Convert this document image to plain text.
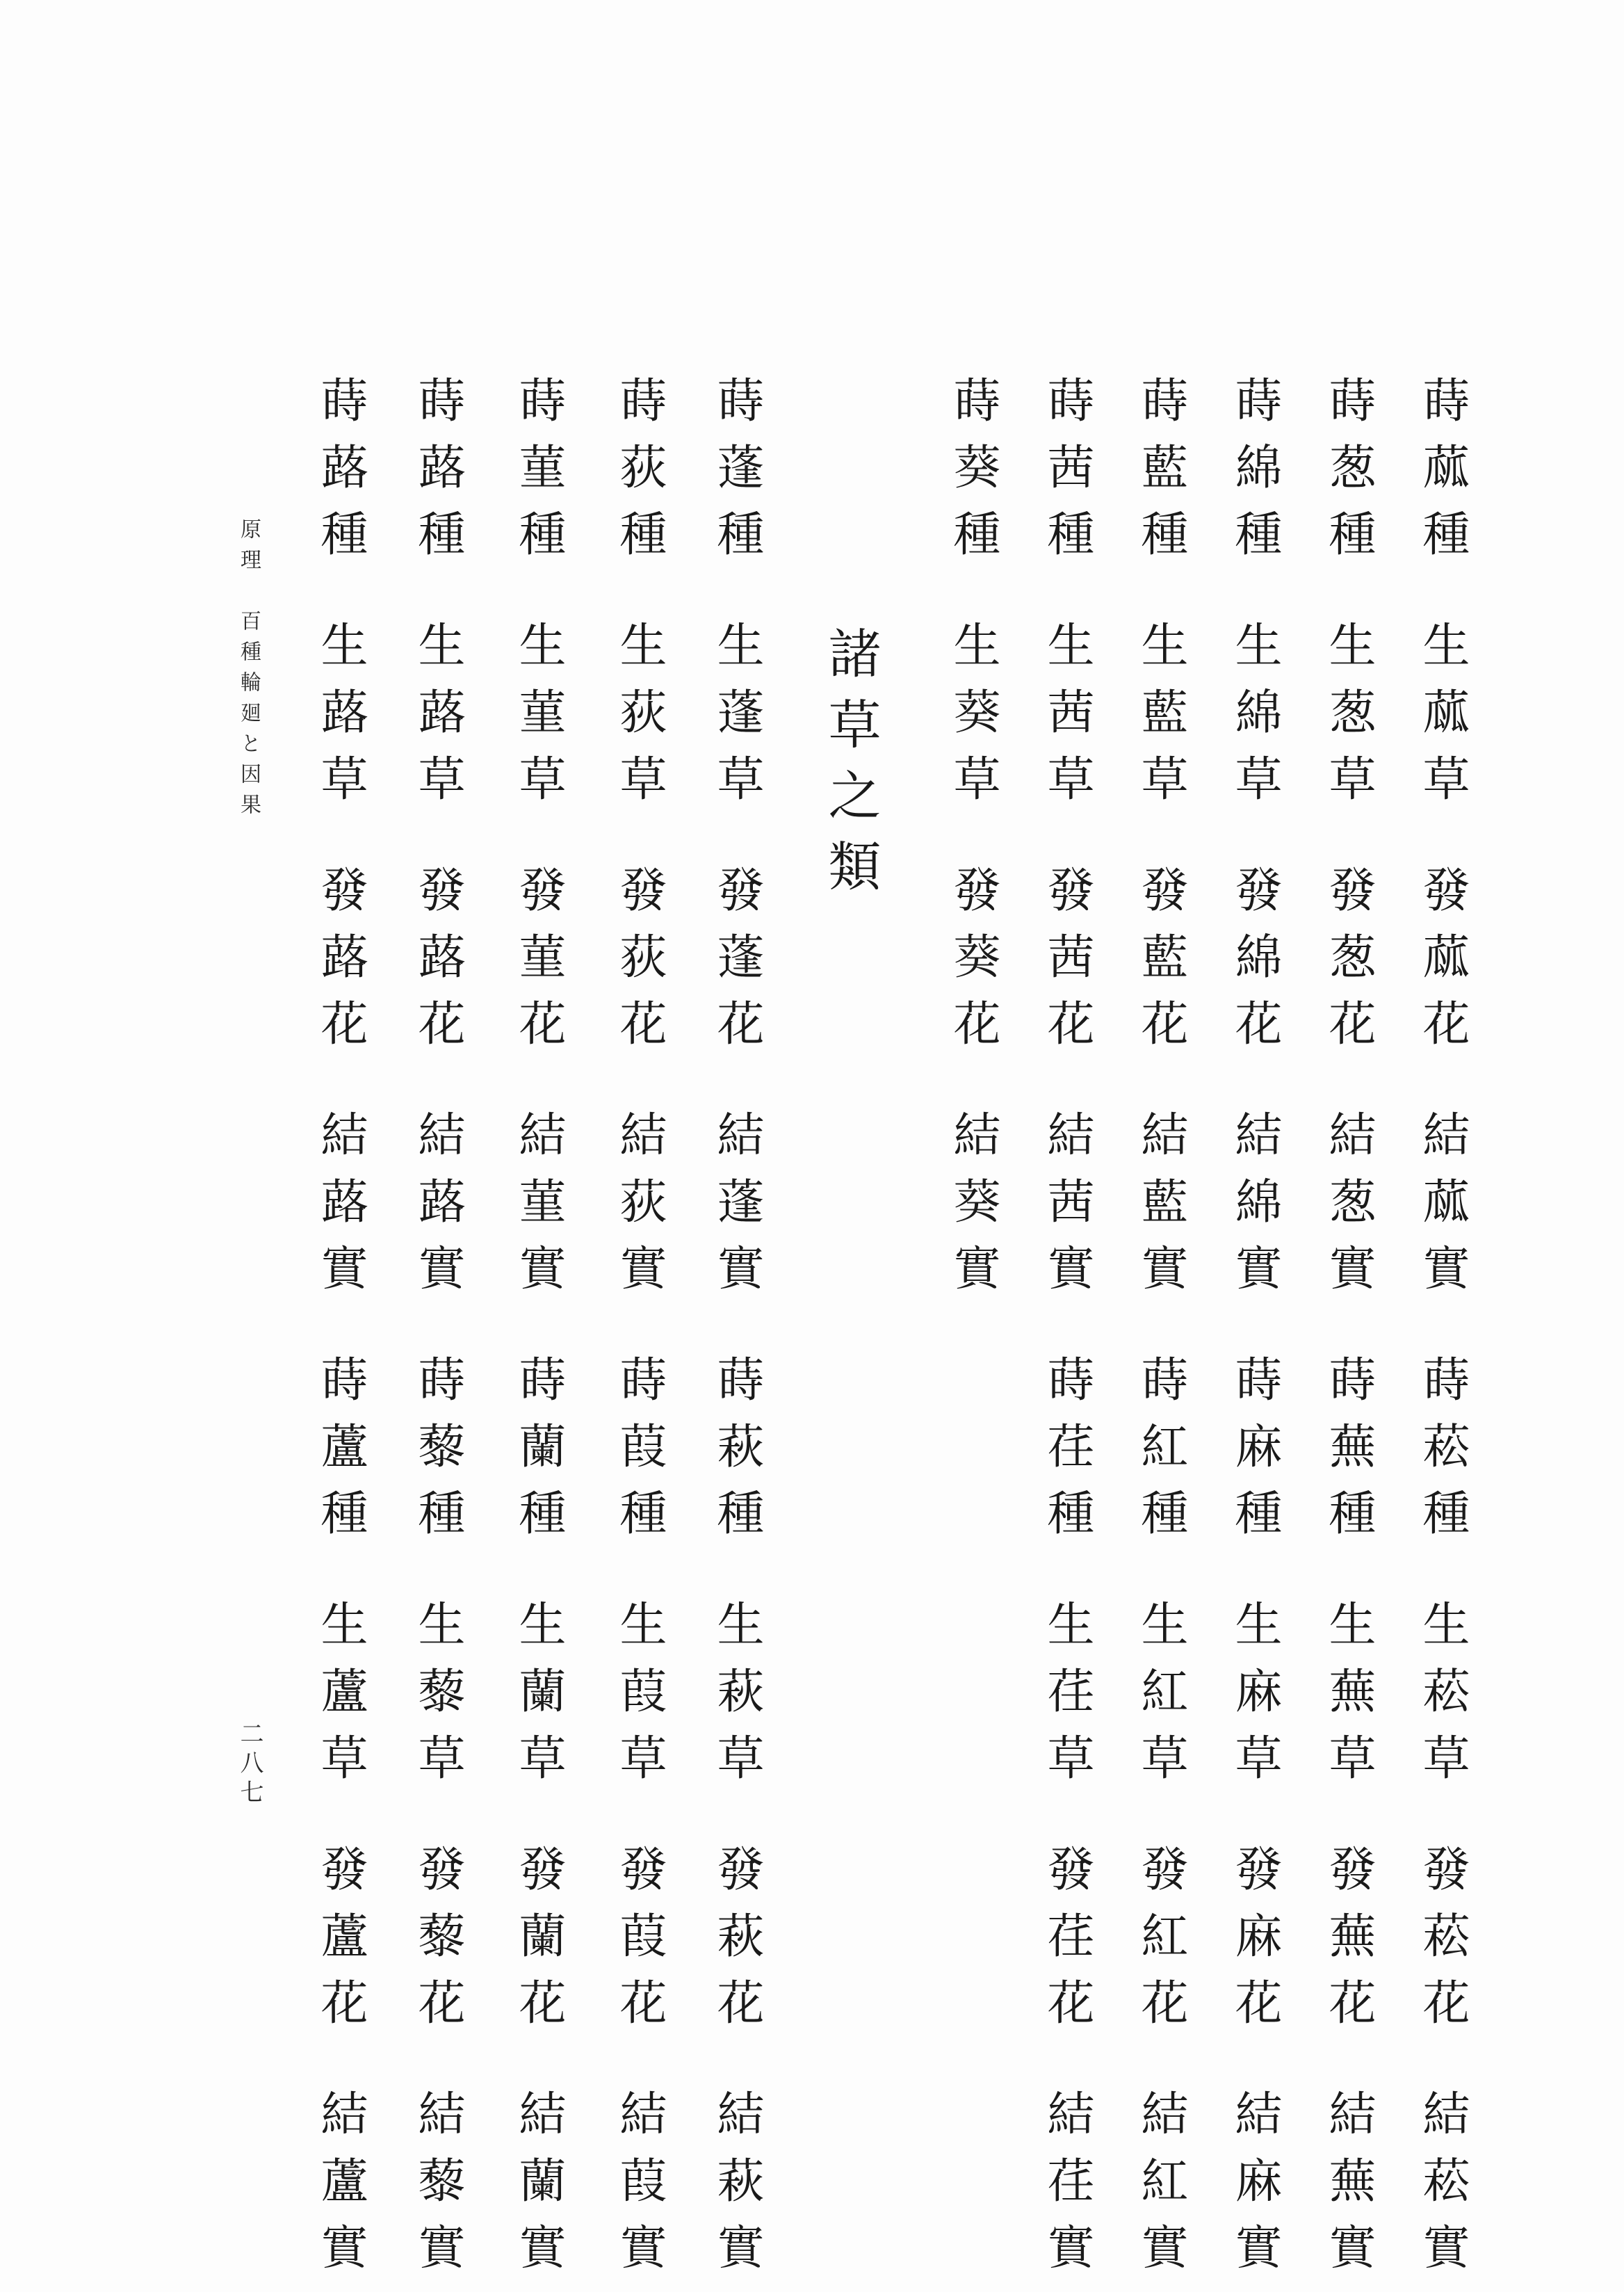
蒔蓏種生蓏草發蓏花結蓏實蒔菘種生菘草發菘花結菘實
蒔葱種生葱草發葱花結葱實蒔蕪種生蕪草發蕪花結蕪實
蒔綿種生綿草發綿花結綿實蒔麻種生麻草發麻花結麻實
蒔藍種生藍草發藍花結藍實蒔紅種生紅草發紅花結紅實
蒔茜種生茜草發茜花結茜實蒔荏種生荏草發荏花結荏實
蒔葵種生葵草發葵花結葵實
諸草之類
蒔蓬種生蓬草發蓬花結蓬實蒔萩種生萩草發萩花結萩實
蒔荻種生荻草發荻花結荻實蒔葭種生葭草發葭花結葭實
蒔菫種生菫草發菫花結菫實蒔蘭種生蘭草發蘭花結蘭實
蒔蕗種生蕗草發蕗花結蕗實蒔藜種生藜草發藜花結藜實
蒔蕗種生蕗草發蕗花結蕗實蒔蘆種生蘆草發蘆花結蘆實
原理　百種輪廻と因果
二八七
